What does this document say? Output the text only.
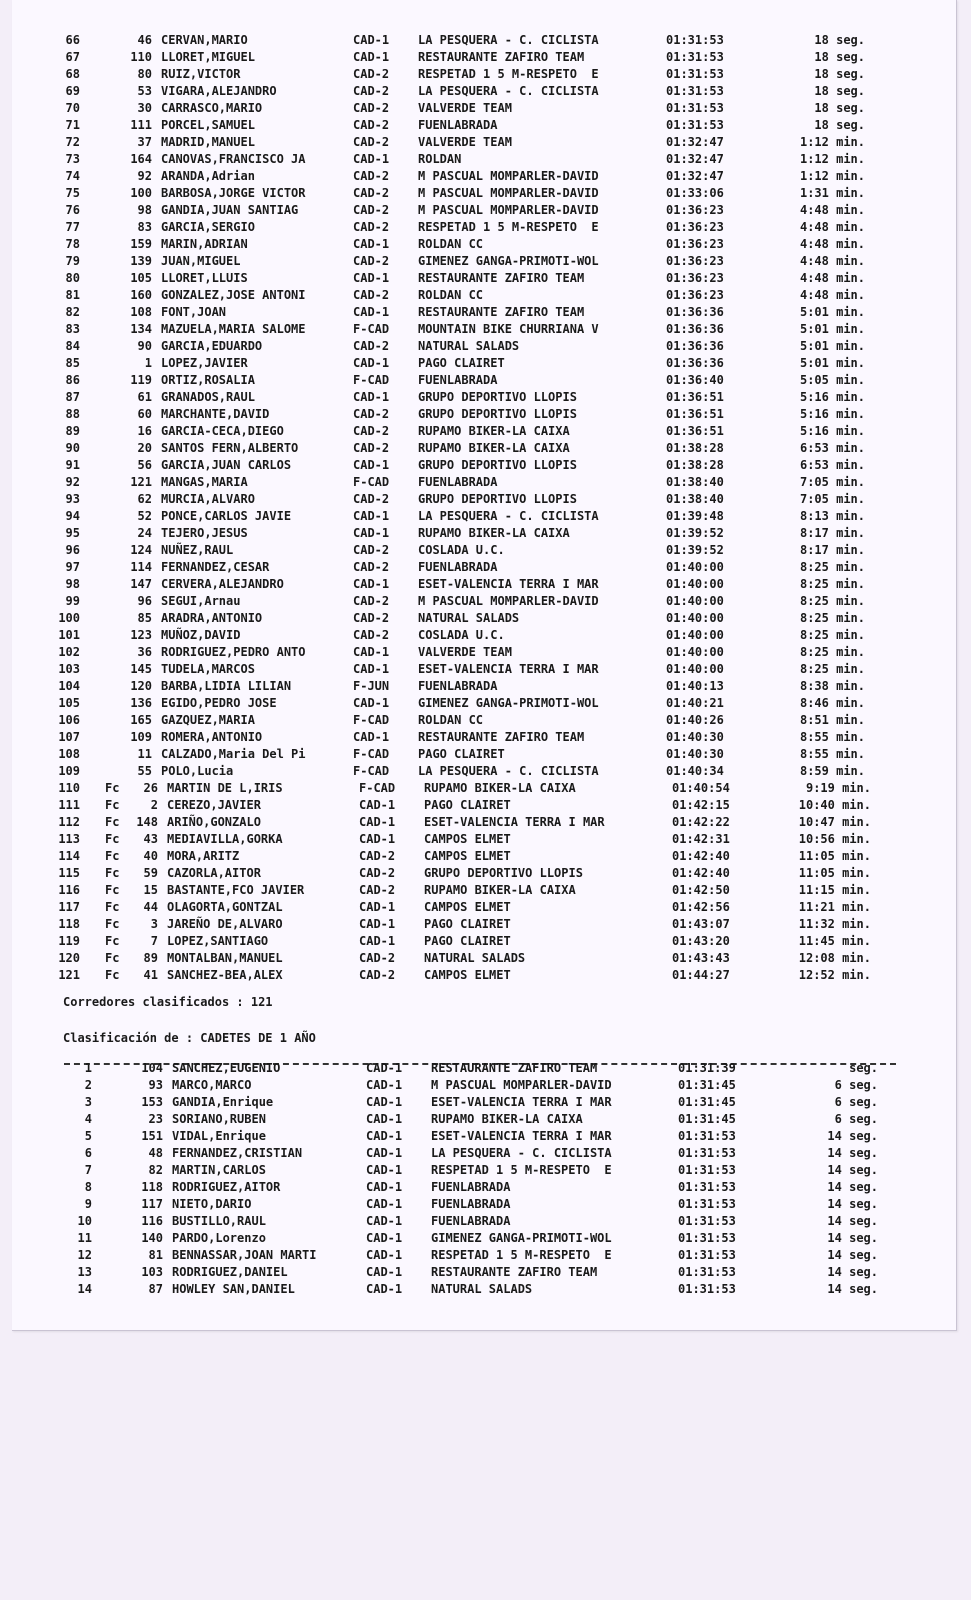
66	46 CERVAN,MARIO	CAD-1 LA PESQUERA - C. CICLISTA	01:31:53	18 seg.
67	110 LLORET,MIGUEL	CAD-1 RESTAURANTE ZAFIRO TEAM	01:31:53	18 seg.
68	80 RUIZ,VICTOR	CAD-2 RESPETAD 1 5 M-RESPETO  E	01:31:53	18 seg.
69	53 VIGARA,ALEJANDRO	CAD-2 LA PESQUERA - C. CICLISTA	01:31:53	18 seg.
70	30 CARRASCO,MARIO	CAD-2 VALVERDE TEAM	01:31:53	18 seg.
71	111 PORCEL,SAMUEL	CAD-2 FUENLABRADA	01:31:53	18 seg.
72	37 MADRID,MANUEL	CAD-2 VALVERDE TEAM	01:32:47	1:12 min.
73	164 CANOVAS,FRANCISCO JA	CAD-1 ROLDAN	01:32:47	1:12 min.
74	92 ARANDA,Adrian	CAD-2 M PASCUAL MOMPARLER-DAVID	01:32:47	1:12 min.
75	100 BARBOSA,JORGE VICTOR	CAD-2 M PASCUAL MOMPARLER-DAVID	01:33:06	1:31 min.
76	98 GANDIA,JUAN SANTIAG	CAD-2 M PASCUAL MOMPARLER-DAVID	01:36:23	4:48 min.
77	83 GARCIA,SERGIO	CAD-2 RESPETAD 1 5 M-RESPETO  E	01:36:23	4:48 min.
78	159 MARIN,ADRIAN	CAD-1 ROLDAN CC	01:36:23	4:48 min.
79	139 JUAN,MIGUEL	CAD-2 GIMENEZ GANGA-PRIMOTI-WOL	01:36:23	4:48 min.
80	105 LLORET,LLUIS	CAD-1 RESTAURANTE ZAFIRO TEAM	01:36:23	4:48 min.
81	160 GONZALEZ,JOSE ANTONI	CAD-2 ROLDAN CC	01:36:23	4:48 min.
82	108 FONT,JOAN	CAD-1 RESTAURANTE ZAFIRO TEAM	01:36:36	5:01 min.
83	134 MAZUELA,MARIA SALOME	F-CAD MOUNTAIN BIKE CHURRIANA V	01:36:36	5:01 min.
84	90 GARCIA,EDUARDO	CAD-2 NATURAL SALADS	01:36:36	5:01 min.
85	1 LOPEZ,JAVIER	CAD-1 PAGO CLAIRET	01:36:36	5:01 min.
86	119 ORTIZ,ROSALIA	F-CAD FUENLABRADA	01:36:40	5:05 min.
87	61 GRANADOS,RAUL	CAD-1 GRUPO DEPORTIVO LLOPIS	01:36:51	5:16 min.
88	60 MARCHANTE,DAVID	CAD-2 GRUPO DEPORTIVO LLOPIS	01:36:51	5:16 min.
89	16 GARCIA-CECA,DIEGO	CAD-2 RUPAMO BIKER-LA CAIXA	01:36:51	5:16 min.
90	20 SANTOS FERN,ALBERTO	CAD-2 RUPAMO BIKER-LA CAIXA	01:38:28	6:53 min.
91	56 GARCIA,JUAN CARLOS	CAD-1 GRUPO DEPORTIVO LLOPIS	01:38:28	6:53 min.
92	121 MANGAS,MARIA	F-CAD FUENLABRADA	01:38:40	7:05 min.
93	62 MURCIA,ALVARO	CAD-2 GRUPO DEPORTIVO LLOPIS	01:38:40	7:05 min.
94	52 PONCE,CARLOS JAVIE	CAD-1 LA PESQUERA - C. CICLISTA	01:39:48	8:13 min.
95	24 TEJERO,JESUS	CAD-1 RUPAMO BIKER-LA CAIXA	01:39:52	8:17 min.
96	124 NUÑEZ,RAUL	CAD-2 COSLADA U.C.	01:39:52	8:17 min.
97	114 FERNANDEZ,CESAR	CAD-2 FUENLABRADA	01:40:00	8:25 min.
98	147 CERVERA,ALEJANDRO	CAD-1 ESET-VALENCIA TERRA I MAR	01:40:00	8:25 min.
99	96 SEGUI,Arnau	CAD-2 M PASCUAL MOMPARLER-DAVID	01:40:00	8:25 min.
100	85 ARADRA,ANTONIO	CAD-2 NATURAL SALADS	01:40:00	8:25 min.
101	123 MUÑOZ,DAVID	CAD-2 COSLADA U.C.	01:40:00	8:25 min.
102	36 RODRIGUEZ,PEDRO ANTO	CAD-1 VALVERDE TEAM	01:40:00	8:25 min.
103	145 TUDELA,MARCOS	CAD-1 ESET-VALENCIA TERRA I MAR	01:40:00	8:25 min.
104	120 BARBA,LIDIA LILIAN	F-JUN FUENLABRADA	01:40:13	8:38 min.
105	136 EGIDO,PEDRO JOSE	CAD-1 GIMENEZ GANGA-PRIMOTI-WOL	01:40:21	8:46 min.
106	165 GAZQUEZ,MARIA	F-CAD ROLDAN CC	01:40:26	8:51 min.
107	109 ROMERA,ANTONIO	CAD-1 RESTAURANTE ZAFIRO TEAM	01:40:30	8:55 min.
108	11 CALZADO,Maria Del Pi	F-CAD PAGO CLAIRET	01:40:30	8:55 min.
109	55 POLO,Lucia	F-CAD LA PESQUERA - C. CICLISTA	01:40:34	8:59 min.
110 Fc	26 MARTIN DE L,IRIS	F-CAD RUPAMO BIKER-LA CAIXA	01:40:54	9:19 min.
111 Fc	2 CEREZO,JAVIER	CAD-1 PAGO CLAIRET	01:42:15	10:40 min.
112 Fc	148 ARIÑO,GONZALO	CAD-1 ESET-VALENCIA TERRA I MAR	01:42:22	10:47 min.
113 Fc	43 MEDIAVILLA,GORKA	CAD-1 CAMPOS ELMET	01:42:31	10:56 min.
114 Fc	40 MORA,ARITZ	CAD-2 CAMPOS ELMET	01:42:40	11:05 min.
115 Fc	59 CAZORLA,AITOR	CAD-2 GRUPO DEPORTIVO LLOPIS	01:42:40	11:05 min.
116 Fc	15 BASTANTE,FCO JAVIER	CAD-2 RUPAMO BIKER-LA CAIXA	01:42:50	11:15 min.
117 Fc	44 OLAGORTA,GONTZAL	CAD-1 CAMPOS ELMET	01:42:56	11:21 min.
118 Fc	3 JAREÑO DE,ALVARO	CAD-1 PAGO CLAIRET	01:43:07	11:32 min.
119 Fc	7 LOPEZ,SANTIAGO	CAD-1 PAGO CLAIRET	01:43:20	11:45 min.
120 Fc	89 MONTALBAN,MANUEL	CAD-2 NATURAL SALADS	01:43:43	12:08 min.
121 Fc	41 SANCHEZ-BEA,ALEX	CAD-2 CAMPOS ELMET	01:44:27	12:52 min.
Corredores clasificados : 121
Clasificación de : CADETES DE 1 AÑO
1	104 SANCHEZ,EUGENIO	CAD-1 RESTAURANTE ZAFIRO TEAM	01:31:39	seg.
2	93 MARCO,MARCO	CAD-1 M PASCUAL MOMPARLER-DAVID	01:31:45	6 seg.
3	153 GANDIA,Enrique	CAD-1 ESET-VALENCIA TERRA I MAR	01:31:45	6 seg.
4	23 SORIANO,RUBEN	CAD-1 RUPAMO BIKER-LA CAIXA	01:31:45	6 seg.
5	151 VIDAL,Enrique	CAD-1 ESET-VALENCIA TERRA I MAR	01:31:53	14 seg.
6	48 FERNANDEZ,CRISTIAN	CAD-1 LA PESQUERA - C. CICLISTA	01:31:53	14 seg.
7	82 MARTIN,CARLOS	CAD-1 RESPETAD 1 5 M-RESPETO  E	01:31:53	14 seg.
8	118 RODRIGUEZ,AITOR	CAD-1 FUENLABRADA	01:31:53	14 seg.
9	117 NIETO,DARIO	CAD-1 FUENLABRADA	01:31:53	14 seg.
10	116 BUSTILLO,RAUL	CAD-1 FUENLABRADA	01:31:53	14 seg.
11	140 PARDO,Lorenzo	CAD-1 GIMENEZ GANGA-PRIMOTI-WOL	01:31:53	14 seg.
12	81 BENNASSAR,JOAN MARTI	CAD-1 RESPETAD 1 5 M-RESPETO  E	01:31:53	14 seg.
13	103 RODRIGUEZ,DANIEL	CAD-1 RESTAURANTE ZAFIRO TEAM	01:31:53	14 seg.
14	87 HOWLEY SAN,DANIEL	CAD-1 NATURAL SALADS	01:31:53	14 seg.
